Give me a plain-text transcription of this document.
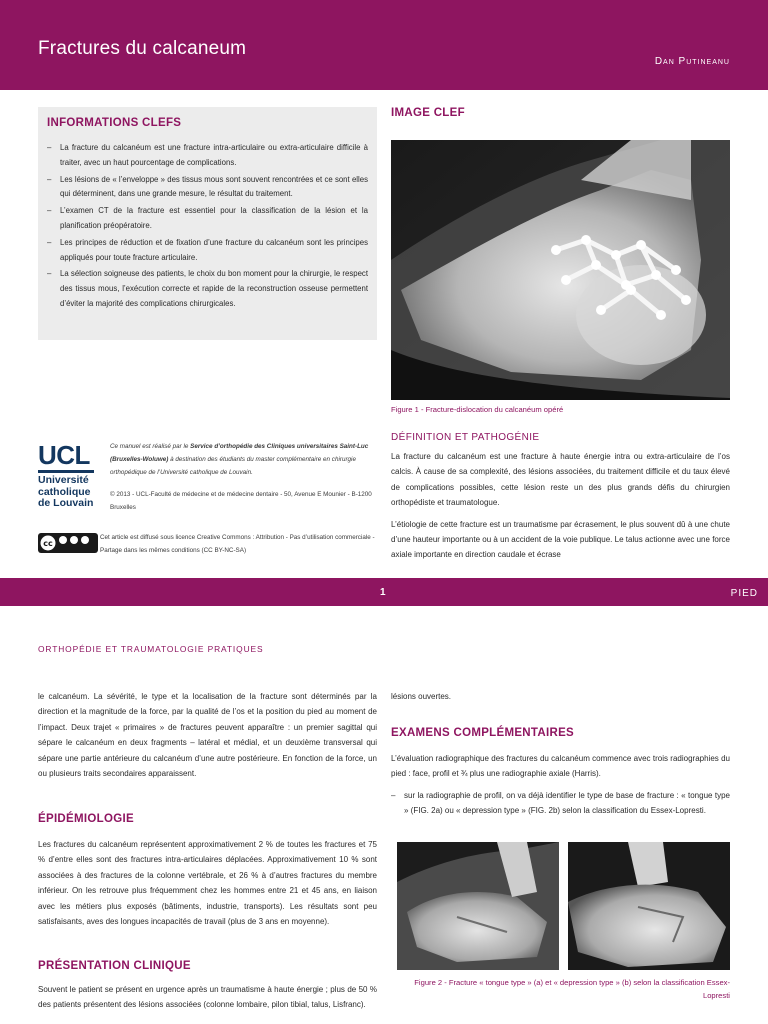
Fractures du calcaneum
Dan Putineanu
INFORMATIONS CLEFS
– La fracture du calcanéum est une fracture intra-articulaire ou extra-articulaire difficile à traiter, avec un haut pourcentage de complications.
– Les lésions de « l’enveloppe » des tissus mous sont souvent rencontrées et ce sont elles qui déterminent, dans une grande mesure, le résultat du traitement.
– L’examen CT de la fracture est essentiel pour la classification de la lésion et la planification préopératoire.
– Les principes de réduction et de fixation d’une fracture du calcanéum sont les principes appliqués pour toute fracture articulaire.
– La sélection soigneuse des patients, le choix du bon moment pour la chirurgie, le respect des tissus mous, l’exécution correcte et rapide de la reconstruction osseuse permettent d’éviter la majorité des complications chirurgicales.
IMAGE CLEF
Figure 1 - Fracture-dislocation du calcanéum opéré
DÉFINITION ET PATHOGÉNIE

La fracture du calcanéum est une fracture à haute énergie intra ou extra-articulaire de l’os calcis. À cause de sa complexité, des lésions associées, du traitement difficile et du taux élevé de complications possibles, cette lésion reste un des plus grands défis du chirurgien orthopédiste et traumatologue.

L’étiologie de cette fracture est un traumatisme par écrasement, le plus souvent dû à une chute d’une hauteur importante ou à un accident de la voie publique. Le talus actionne avec une force axiale importante en direction caudale et écrase

UCL
Université
catholique
de Louvain
Ce manuel est réalisé par le Service d’orthopédie des Cliniques universitaires Saint-Luc (Bruxelles-Woluwe) à destination des étudiants du master complémentaire en chirurgie orthopédique de l’Université catholique de Louvain.
© 2013 - UCL-Faculté de médecine et de médecine dentaire - 50, Avenue E Mounier - B-1200 Bruxelles
cc
Cet article est diffusé sous licence Creative Commons : Attribution - Pas d’utilisation commerciale - Partage dans les mêmes conditions (CC BY-NC-SA)
1	PIED
ORTHOPÉDIE ET TRAUMATOLOGIE PRATIQUES

le calcanéum. La sévérité, le type et la localisation de la fracture sont déterminés par la direction et la magnitude de la force, par la qualité de l’os et la position du pied au moment de l’impact. Deux trajet « primaires » de fractures peuvent apparaître : un premier sagittal qui sépare le calcanéum en deux fragments – latéral et médial, et un deuxième transversal qui sépare une partie antérieure du calcanéum d’une autre postérieure. En fonction de la force, un ou plusieurs traits secondaires apparaissent.

ÉPIDÉMIOLOGIE
Les fractures du calcanéum représentent approximativement 2 % de toutes les fractures et 75 % d’entre elles sont des fractures intra-articulaires déplacées. Approximativement 10 % sont associées à des fractures de la colonne vertébrale, et 26 % à d’autres fractures du membre inférieur. On les retrouve plus fréquemment chez les hommes entre 21 et 45 ans, en liaison avec les métiers plus exposés (bâtiments, industrie, transports). Les résultats sont peu satisfaisants, aves des longues incapacités de travail (plus de 3 ans en moyenne).
PRÉSENTATION CLINIQUE
Souvent le patient se présent en urgence après un traumatisme à haute énergie ; plus de 50 % des patients présentent des lésions associées (colonne lombaire, pilon tibial, talus, Lisfranc).
lésions ouvertes.
EXAMENS COMPLÉMENTAIRES
L’évaluation radiographique des fractures du calcanéum commence avec trois radiographies du pied : face, profil et ¾ plus une radiographie axiale (Harris).
– sur la radiographie de profil, on va déjà identifier le type de base de fracture : « tongue type » (FIG. 2a) ou « depression type » (FIG. 2b) selon la classification du Essex-Lopresti.
Figure 2 - Fracture « tongue type » (a) et « depression type » (b) selon la classification Essex-Lopresti
